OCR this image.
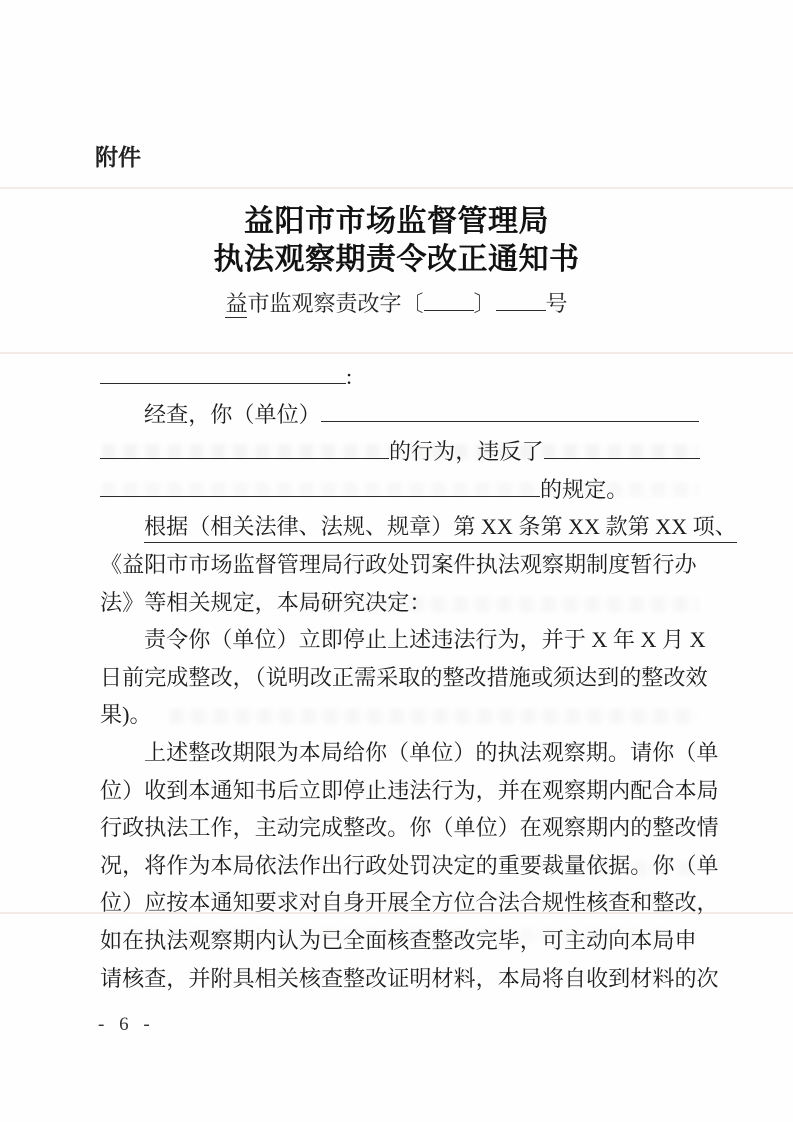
附件
益阳市市场监督管理局
执法观察期责令改正通知书
益市监观察责改字〔 〕 号
:
经查，你（单位）
的行为，违反了
的规定。
根据（相关法律、法规、规章）第 XX 条第 XX 款第 XX 项、
《益阳市市场监督管理局行政处罚案件执法观察期制度暂行办
法》等相关规定，本局研究决定：
责令你（单位）立即停止上述违法行为，并于 X 年 X 月 X
日前完成整改，（说明改正需采取的整改措施或须达到的整改效
果)。
上述整改期限为本局给你（单位）的执法观察期。请你（单
位）收到本通知书后立即停止违法行为，并在观察期内配合本局
行政执法工作，主动完成整改。你（单位）在观察期内的整改情
况，将作为本局依法作出行政处罚决定的重要裁量依据。你（单
位）应按本通知要求对自身开展全方位合法合规性核查和整改，
如在执法观察期内认为已全面核查整改完毕，可主动向本局申
请核查，并附具相关核查整改证明材料，本局将自收到材料的次
- 6 -
